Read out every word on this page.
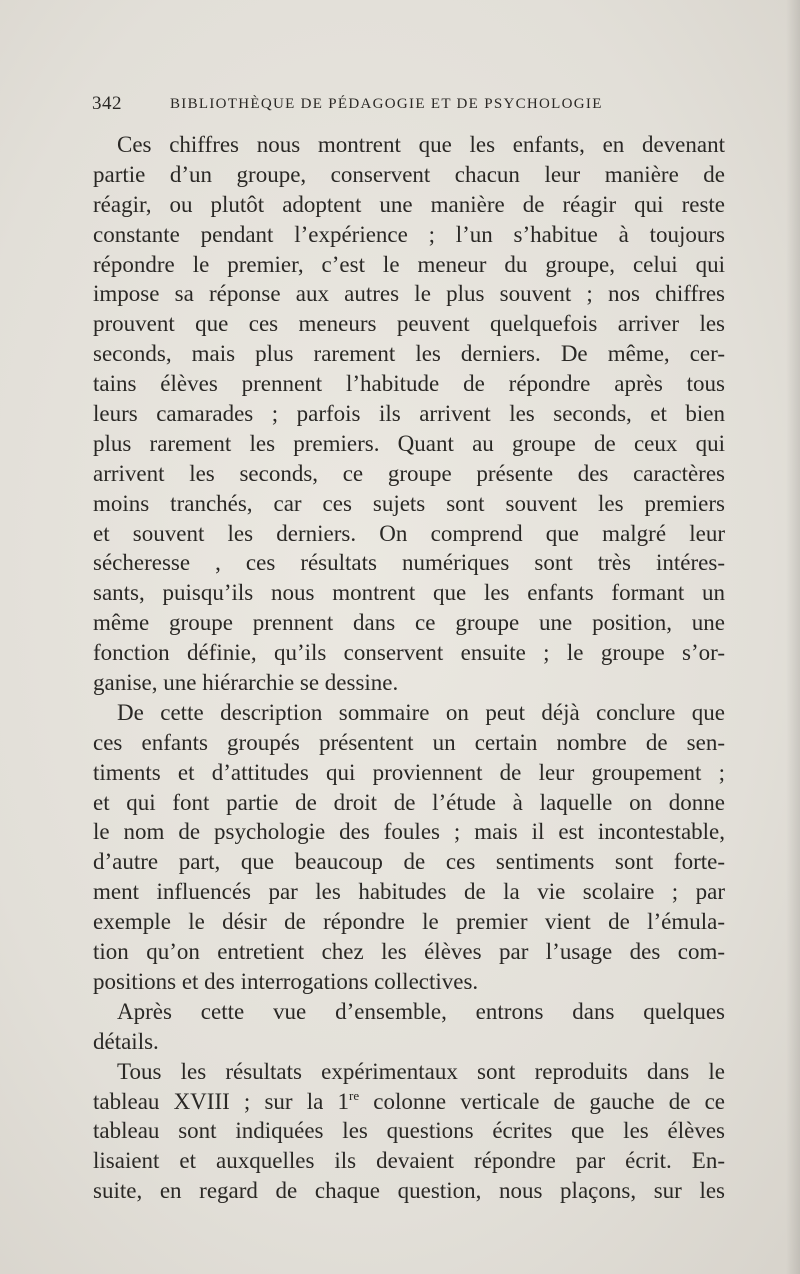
342	BIBLIOTHÈQUE DE PÉDAGOGIE ET DE PSYCHOLOGIE
Ces chiffres nous montrent que les enfants, en devenant
partie d’un groupe, conservent chacun leur manière de
réagir, ou plutôt adoptent une manière de réagir qui reste
constante pendant l’expérience ; l’un s’habitue à toujours
répondre le premier, c’est le meneur du groupe, celui qui
impose sa réponse aux autres le plus souvent ; nos chiffres
prouvent que ces meneurs peuvent quelquefois arriver les
seconds, mais plus rarement les derniers. De même, cer-
tains élèves prennent l’habitude de répondre après tous
leurs camarades ; parfois ils arrivent les seconds, et bien
plus rarement les premiers. Quant au groupe de ceux qui
arrivent les seconds, ce groupe présente des caractères
moins tranchés, car ces sujets sont souvent les premiers
et souvent les derniers. On comprend que malgré leur
sécheresse , ces résultats numériques sont très intéres-
sants, puisqu’ils nous montrent que les enfants formant un
même groupe prennent dans ce groupe une position, une
fonction définie, qu’ils conservent ensuite ; le groupe s’or-
ganise, une hiérarchie se dessine.
De cette description sommaire on peut déjà conclure que
ces enfants groupés présentent un certain nombre de sen-
timents et d’attitudes qui proviennent de leur groupement ;
et qui font partie de droit de l’étude à laquelle on donne
le nom de psychologie des foules ; mais il est incontestable,
d’autre part, que beaucoup de ces sentiments sont forte-
ment influencés par les habitudes de la vie scolaire ; par
exemple le désir de répondre le premier vient de l’émula-
tion qu’on entretient chez les élèves par l’usage des com-
positions et des interrogations collectives.
Après cette vue d’ensemble, entrons dans quelques
détails.
Tous les résultats expérimentaux sont reproduits dans le
tableau XVIII ; sur la 1re colonne verticale de gauche de ce
tableau sont indiquées les questions écrites que les élèves
lisaient et auxquelles ils devaient répondre par écrit. En-
suite, en regard de chaque question, nous plaçons, sur les
